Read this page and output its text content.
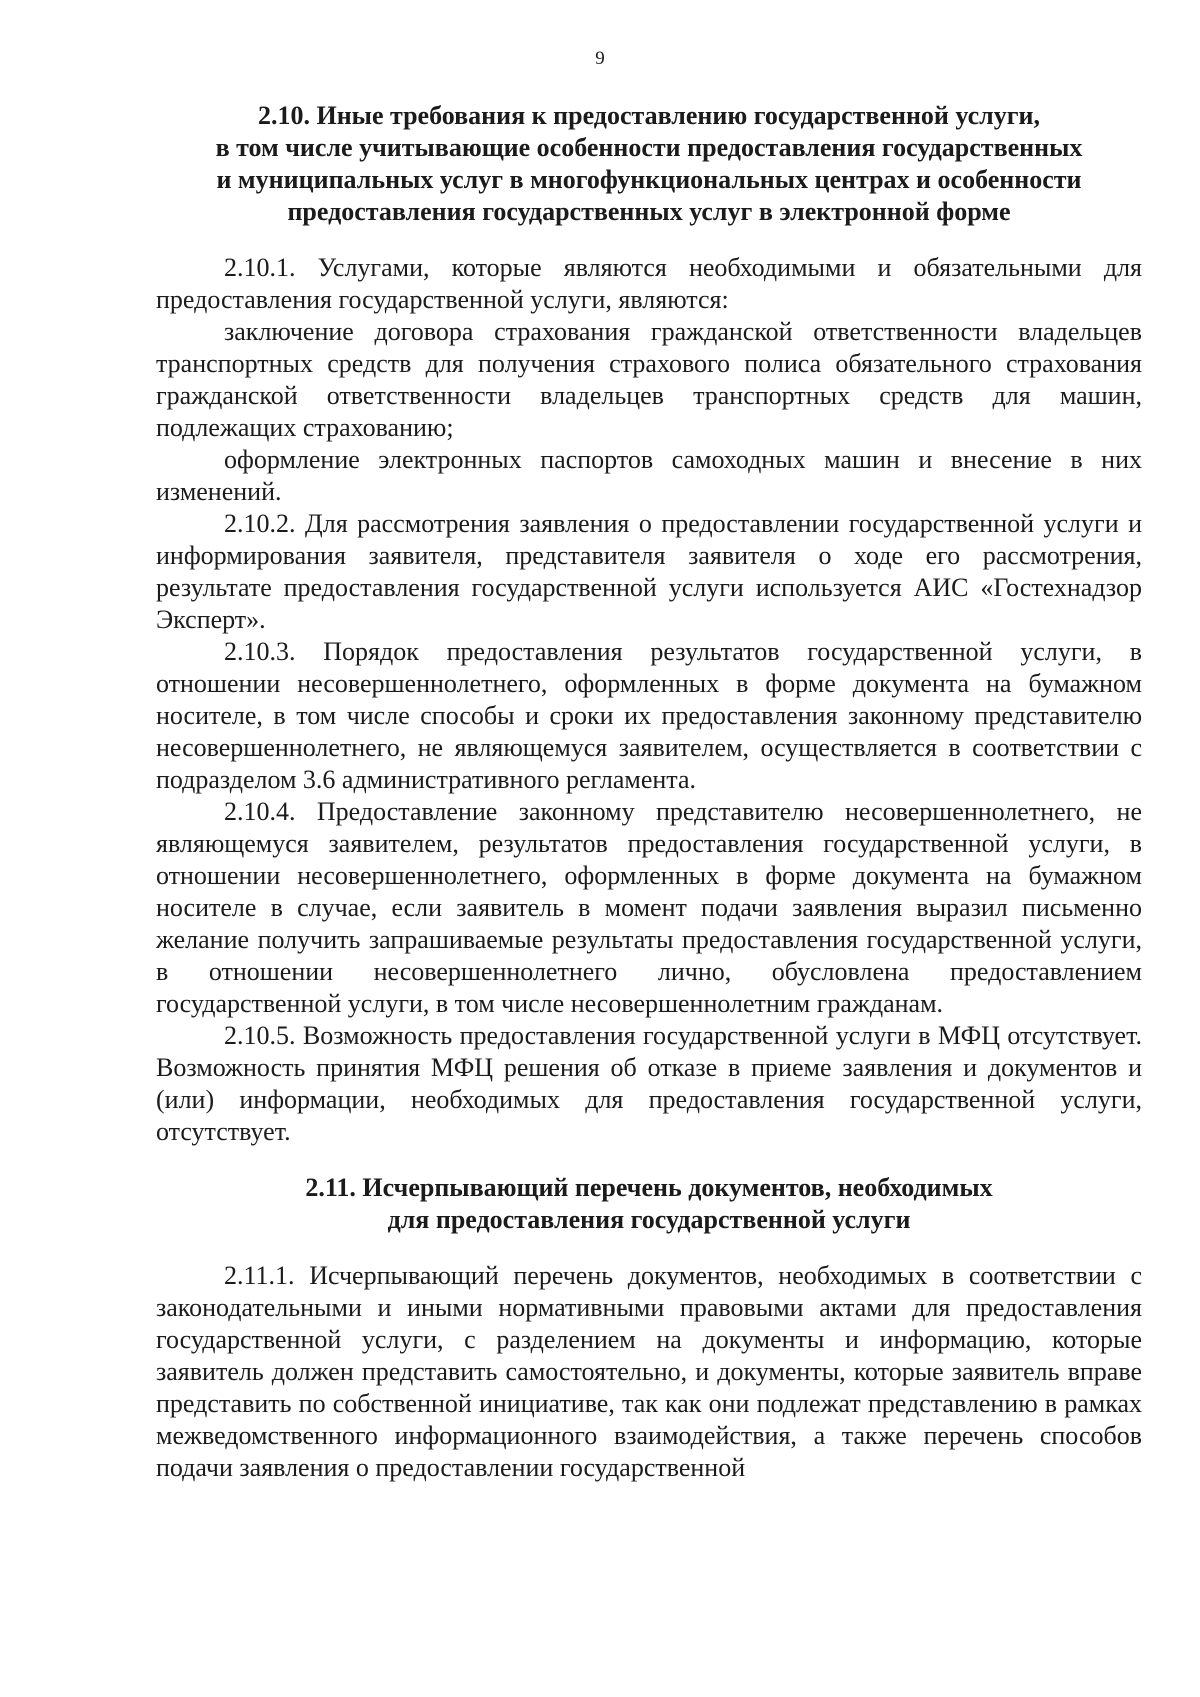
9
2.10. Иные требования к предоставлению государственной услуги,
в том числе учитывающие особенности предоставления государственных
и муниципальных услуг в многофункциональных центрах и особенности
предоставления государственных услуг в электронной форме

2.10.1. Услугами, которые являются необходимыми и обязательными для предоставления государственной услуги, являются:

заключение договора страхования гражданской ответственности владельцев транспортных средств для получения страхового полиса обязательного страхования гражданской ответственности владельцев транспортных средств для машин, подлежащих страхованию;

оформление электронных паспортов самоходных машин и внесение в них изменений.

2.10.2. Для рассмотрения заявления о предоставлении государственной услуги и информирования заявителя, представителя заявителя о ходе его рассмотрения, результате предоставления государственной услуги используется АИС «Гостехнадзор Эксперт».

2.10.3. Порядок предоставления результатов государственной услуги, в отношении несовершеннолетнего, оформленных в форме документа на бумажном носителе, в том числе способы и сроки их предоставления законному представителю несовершеннолетнего, не являющемуся заявителем, осуществляется в соответствии с подразделом 3.6 административного регламента.

2.10.4. Предоставление законному представителю несовершеннолетнего, не являющемуся заявителем, результатов предоставления государственной услуги, в отношении несовершеннолетнего, оформленных в форме документа на бумажном носителе в случае, если заявитель в момент подачи заявления выразил письменно желание получить запрашиваемые результаты предоставления государственной услуги, в отношении несовершеннолетнего лично, обусловлена предоставлением государственной услуги, в том числе несовершеннолетним гражданам.

2.10.5. Возможность предоставления государственной услуги в МФЦ отсутствует. Возможность принятия МФЦ решения об отказе в приеме заявления и документов и (или) информации, необходимых для предоставления государственной услуги, отсутствует.

2.11. Исчерпывающий перечень документов, необходимых
для предоставления государственной услуги

2.11.1. Исчерпывающий перечень документов, необходимых в соответствии с законодательными и иными нормативными правовыми актами для предоставления государственной услуги, с разделением на документы и информацию, которые заявитель должен представить самостоятельно, и документы, которые заявитель вправе представить по собственной инициативе, так как они подлежат представлению в рамках межведомственного информационного взаимодействия, а также перечень способов подачи заявления о предоставлении государственной
